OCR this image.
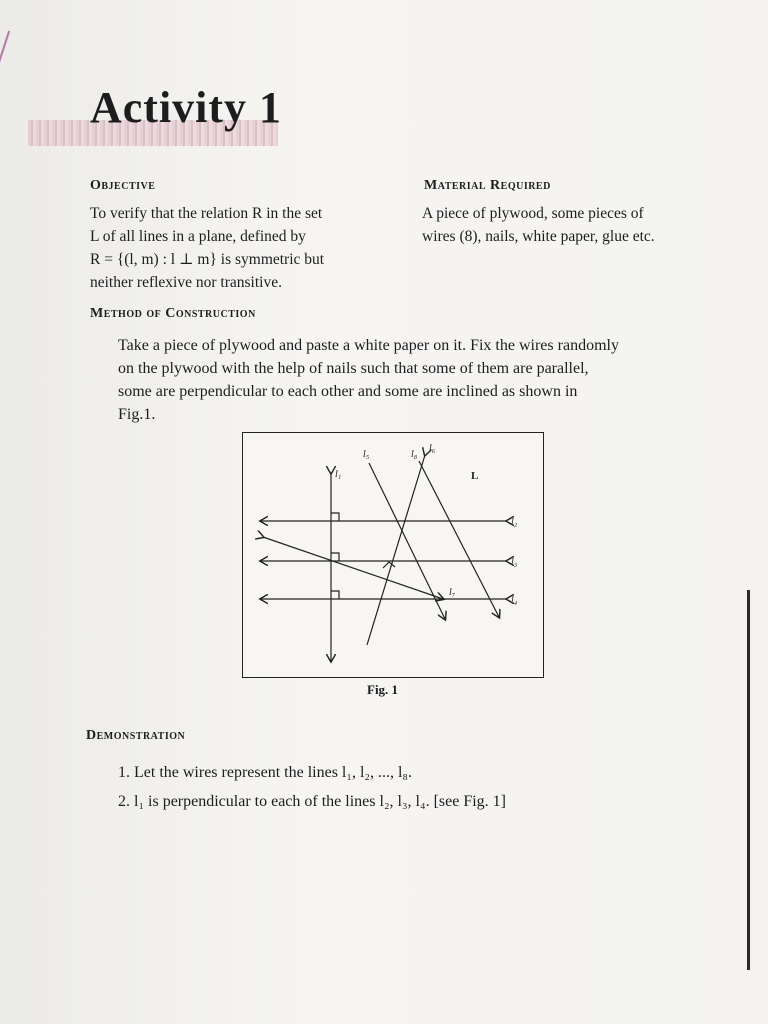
Activity 1
Objective
To verify that the relation R in the set
L of all lines in a plane, defined by
R = {(l, m) : l ⊥ m} is symmetric but
neither reflexive nor transitive.
Material Required
A piece of plywood, some pieces of
wires (8), nails, white paper, glue etc.
Method of Construction
Take a piece of plywood and paste a white paper on it. Fix the wires randomly
on the plywood with the help of nails such that some of them are parallel,
some are perpendicular to each other and some are inclined as shown in
Fig.1.
l₁
l₅	l₈
l₆
l₂
l₃
l₇
l₄
L
Fig. 1
Demonstration
1. Let the wires represent the lines l₁, l₂, ..., l₈.
2. l₁ is perpendicular to each of the lines l₂, l₃, l₄. [see Fig. 1]
